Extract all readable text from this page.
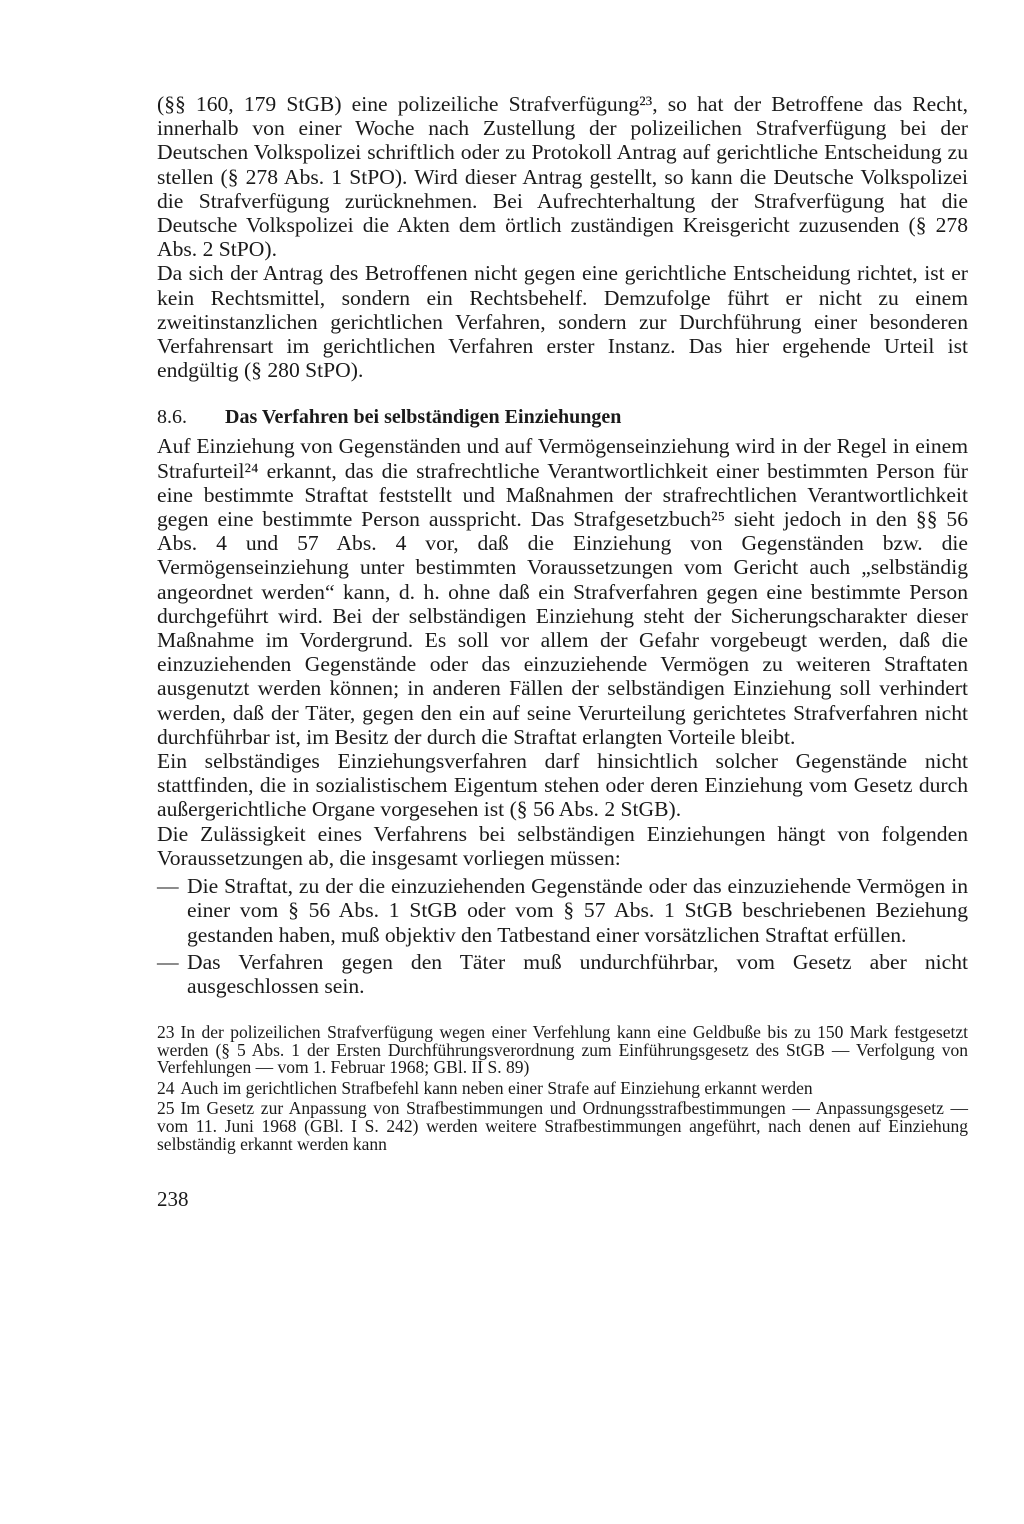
(§§ 160, 179 StGB) eine polizeiliche Strafverfügung²³, so hat der Betroffene das Recht, innerhalb von einer Woche nach Zustellung der polizeilichen Strafverfügung bei der Deutschen Volkspolizei schriftlich oder zu Protokoll Antrag auf gerichtliche Entscheidung zu stellen (§ 278 Abs. 1 StPO). Wird dieser Antrag gestellt, so kann die Deutsche Volkspolizei die Strafverfügung zurücknehmen. Bei Aufrechterhaltung der Strafverfügung hat die Deutsche Volkspolizei die Akten dem örtlich zuständigen Kreisgericht zuzusenden (§ 278 Abs. 2 StPO).

Da sich der Antrag des Betroffenen nicht gegen eine gerichtliche Entscheidung richtet, ist er kein Rechtsmittel, sondern ein Rechtsbehelf. Demzufolge führt er nicht zu einem zweitinstanzlichen gerichtlichen Verfahren, sondern zur Durchführung einer besonderen Verfahrensart im gerichtlichen Verfahren erster Instanz. Das hier ergehende Urteil ist endgültig (§ 280 StPO).

8.6.	Das Verfahren bei selbständigen Einziehungen

Auf Einziehung von Gegenständen und auf Vermögenseinziehung wird in der Regel in einem Strafurteil²⁴ erkannt, das die strafrechtliche Verantwortlichkeit einer bestimmten Person für eine bestimmte Straftat feststellt und Maßnahmen der strafrechtlichen Verantwortlichkeit gegen eine bestimmte Person ausspricht. Das Strafgesetzbuch²⁵ sieht jedoch in den §§ 56 Abs. 4 und 57 Abs. 4 vor, daß die Einziehung von Gegenständen bzw. die Vermögenseinziehung unter bestimmten Voraussetzungen vom Gericht auch „selbständig angeordnet werden“ kann, d. h. ohne daß ein Strafverfahren gegen eine bestimmte Person durchgeführt wird. Bei der selbständigen Einziehung steht der Sicherungscharakter dieser Maßnahme im Vordergrund. Es soll vor allem der Gefahr vorgebeugt werden, daß die einzuziehenden Gegenstände oder das einzuziehende Vermögen zu weiteren Straftaten ausgenutzt werden können; in anderen Fällen der selbständigen Einziehung soll verhindert werden, daß der Täter, gegen den ein auf seine Verurteilung gerichtetes Strafverfahren nicht durchführbar ist, im Besitz der durch die Straftat erlangten Vorteile bleibt.

Ein selbständiges Einziehungsverfahren darf hinsichtlich solcher Gegenstände nicht stattfinden, die in sozialistischem Eigentum stehen oder deren Einziehung vom Gesetz durch außergerichtliche Organe vorgesehen ist (§ 56 Abs. 2 StGB).

Die Zulässigkeit eines Verfahrens bei selbständigen Einziehungen hängt von folgenden Voraussetzungen ab, die insgesamt vorliegen müssen:

— Die Straftat, zu der die einzuziehenden Gegenstände oder das einzuziehende Vermögen in einer vom § 56 Abs. 1 StGB oder vom § 57 Abs. 1 StGB beschriebenen Beziehung gestanden haben, muß objektiv den Tatbestand einer vorsätzlichen Straftat erfüllen.
— Das Verfahren gegen den Täter muß undurchführbar, vom Gesetz aber nicht ausgeschlossen sein.

23 In der polizeilichen Strafverfügung wegen einer Verfehlung kann eine Geldbuße bis zu 150 Mark festgesetzt werden (§ 5 Abs. 1 der Ersten Durchführungsverordnung zum Einführungsgesetz des StGB — Verfolgung von Verfehlungen — vom 1. Februar 1968; GBl. II S. 89)

24 Auch im gerichtlichen Strafbefehl kann neben einer Strafe auf Einziehung erkannt werden

25 Im Gesetz zur Anpassung von Strafbestimmungen und Ordnungsstrafbestimmungen — Anpassungsgesetz — vom 11. Juni 1968 (GBl. I S. 242) werden weitere Strafbestimmungen angeführt, nach denen auf Einziehung selbständig erkannt werden kann

238
